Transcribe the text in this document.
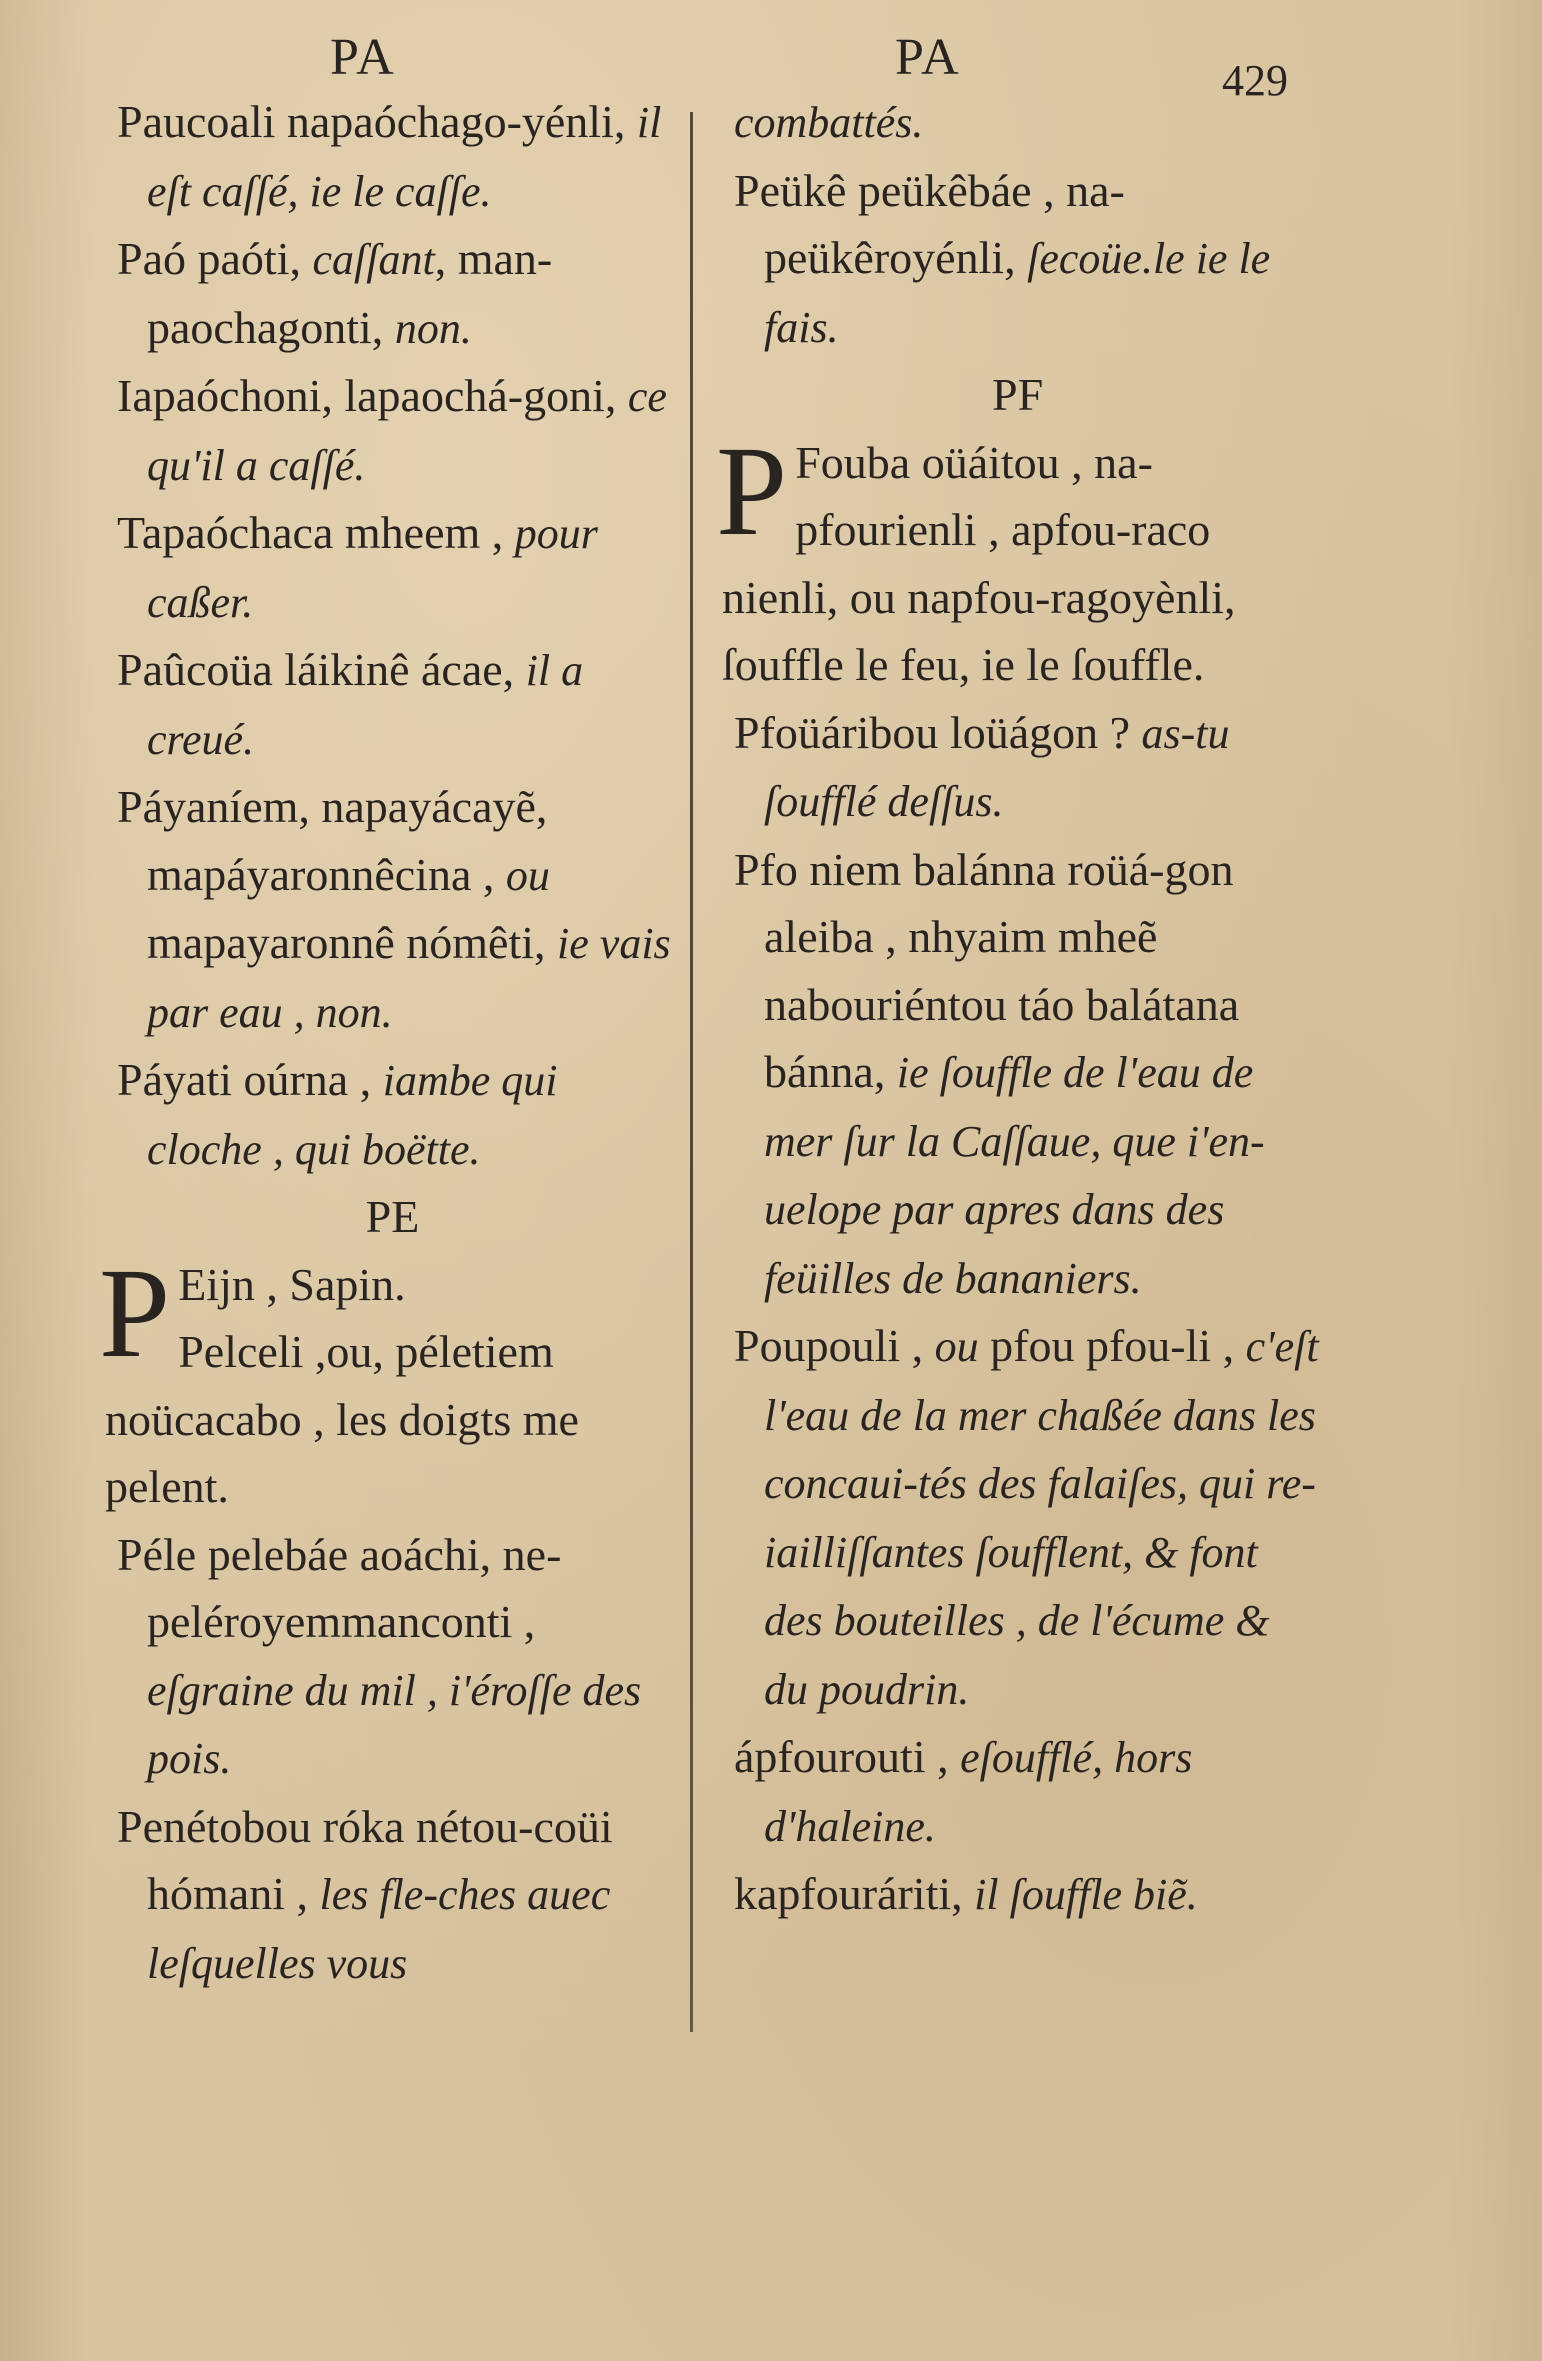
PA	PA	429

Paucoali napaóchago-yénli, il eſt caſſé, ie le caſſe.

Paó paóti, caſſant, man-paochagonti, non.

Iapaóchoni, lapaochá-goni, ce qu'il a caſſé.

Tapaóchaca mheem , pour caßer.

Paûcoüa láikinê ácae, il a creué.

Páyaníem, napayácayẽ, mapáyaronnêcina , ou mapayaronnê nómêti, ie vais par eau , non.

Páyati oúrna , iambe qui cloche , qui boëtte.

PE

P Eijn , Sapin.
Pelceli ,ou, péletiem noücacabo , les doigts me pelent.

Péle pelebáe aoáchi, ne-peléroyemmanconti , eſgraine du mil , i'éroſſe des pois.

Penétobou róka nétou-coüi hómani , les fle-ches auec leſquelles vous

combattés.

Peükê peükêbáe , na-peükêroyénli, ſecoüe.le ie le fais.

PF

P Fouba oüáitou , na-pfourienli , apfou-raco nienli, ou napfou-ragoyènli, ſouffle le feu, ie le ſouffle.

Pfoüáribou loüágon ? as-tu ſoufflé deſſus.

Pfo niem balánna roüá-gon aleiba , nhyaim mheẽ nabouriéntou táo balátana bánna, ie ſouffle de l'eau de mer ſur la Caſſaue, que i'en-uelope par apres dans des feüilles de bananiers.

Poupouli , ou pfou pfou-li , c'eſt l'eau de la mer chaßée dans les concaui-tés des falaiſes, qui re-iailliſſantes ſoufflent, & font des bouteilles , de l'écume & du poudrin.

ápfourouti , eſoufflé, hors d'haleine.

kapfouráriti, il ſouffle biẽ.
